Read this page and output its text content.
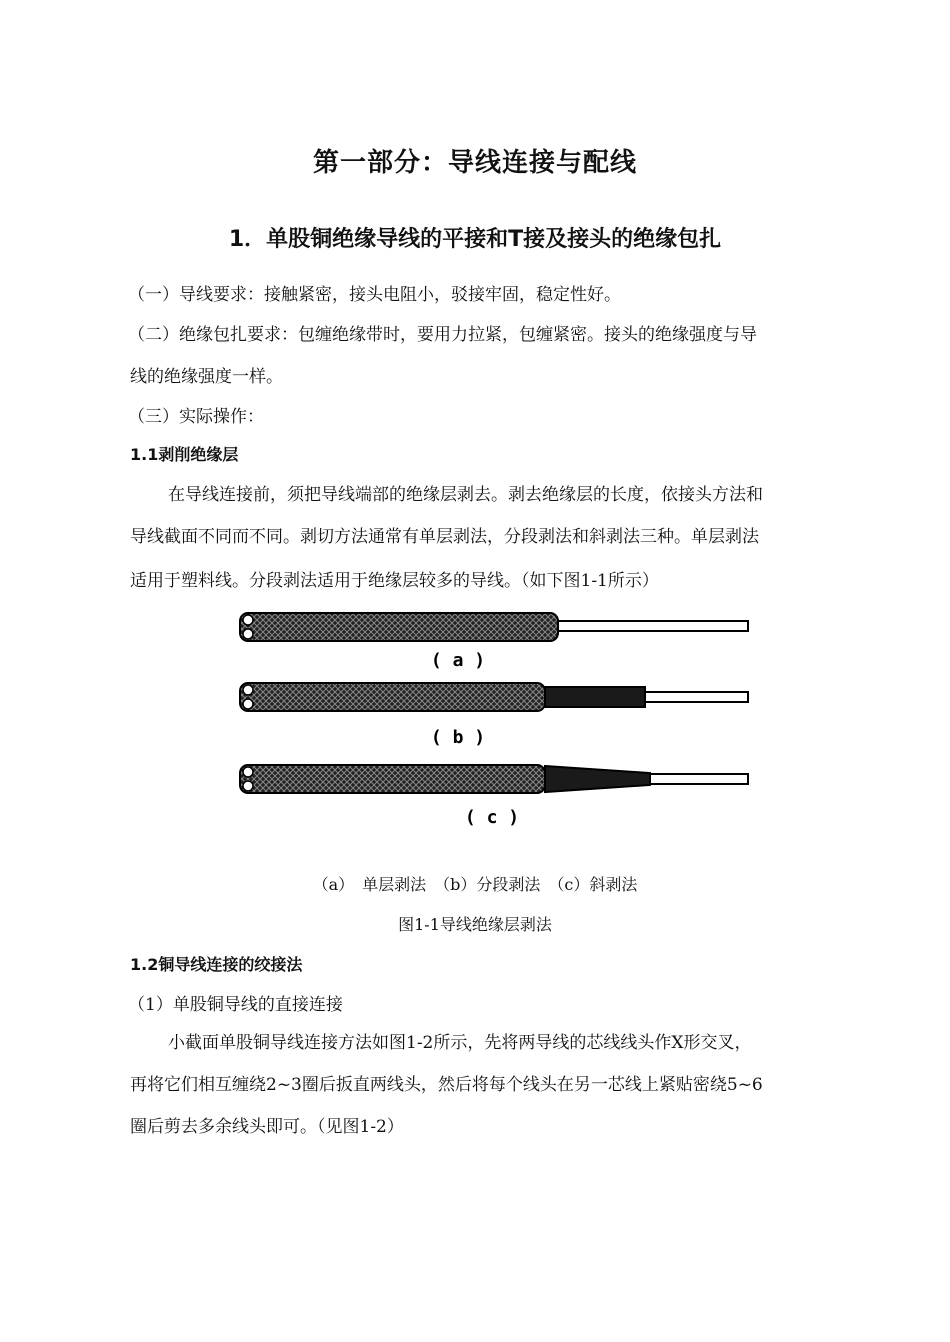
第一部分：导线连接与配线
1．单股铜绝缘导线的平接和T接及接头的绝缘包扎
（一）导线要求：接触紧密，接头电阻小，驳接牢固，稳定性好。
（二）绝缘包扎要求：包缠绝缘带时，要用力拉紧，包缠紧密。接头的绝缘强度与导
线的绝缘强度一样。
（三）实际操作：
1.1剥削绝缘层
在导线连接前，须把导线端部的绝缘层剥去。剥去绝缘层的长度，依接头方法和
导线截面不同而不同。剥切方法通常有单层剥法，分段剥法和斜剥法三种。单层剥法
适用于塑料线。分段剥法适用于绝缘层较多的导线。（如下图1-1所示）
( a )
( b )
( c )
（a）　单层剥法　（b）分段剥法　（c）斜剥法
图1-1导线绝缘层剥法
1.2铜导线连接的绞接法
（1）单股铜导线的直接连接
小截面单股铜导线连接方法如图1-2所示，先将两导线的芯线线头作X形交叉，
再将它们相互缠绕2~3圈后扳直两线头，然后将每个线头在另一芯线上紧贴密绕5~6
圈后剪去多余线头即可。（见图1-2）
